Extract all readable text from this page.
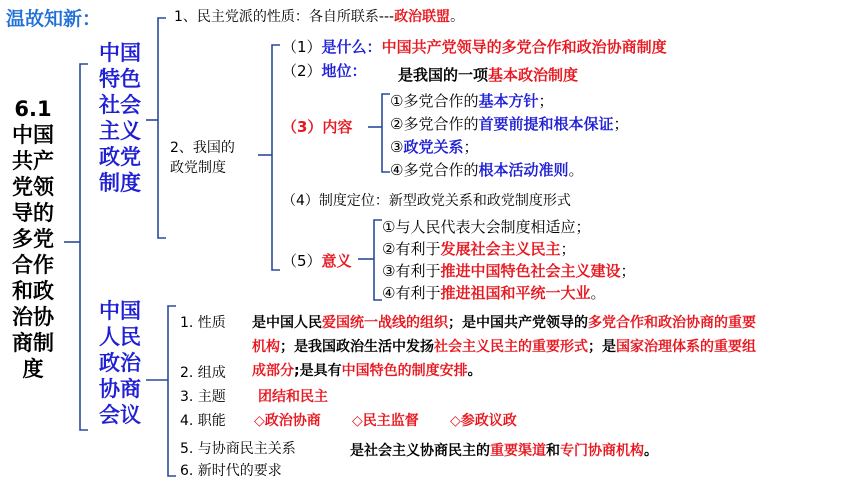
温故知新：
6.1
中国
共产
党领
导的
多党
合作
和政
治协
商制
度
中国
特色
社会
主义
政党
制度
中国
人民
政治
协商
会议
1、民主党派的性质：各自所联系---政治联盟。
2、我国的
政党制度
（1）是什么：中国共产党领导的多党合作和政治协商制度
（2）地位： 是我国的一项基本政治制度
（3）内容
①多党合作的基本方针；
②多党合作的首要前提和根本保证；
③政党关系；
④多党合作的根本活动准则。
（4）制度定位：新型政党关系和政党制度形式
（5）意义
①与人民代表大会制度相适应；
②有利于发展社会主义民主；
③有利于推进中国特色社会主义建设；
④有利于推进祖国和平统一大业。
1. 性质 是中国人民爱国统一战线的组织；是中国共产党领导的多党合作和政治协商的重要
机构；是我国政治生活中发扬社会主义民主的重要形式；是国家治理体系的重要组
2. 组成 成部分;是具有中国特色的制度安排。
3. 主题 团结和民主
4. 职能 ◇政治协商 ◇民主监督 ◇参政议政
5. 与协商民主关系	是社会主义协商民主的重要渠道和专门协商机构。
6. 新时代的要求
